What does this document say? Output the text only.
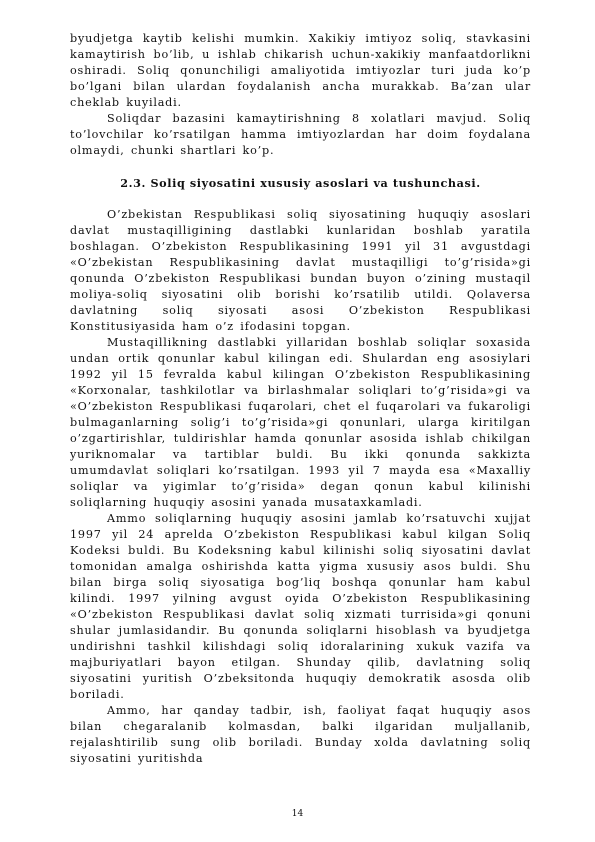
byudjetga kaytib kelishi mumkin. Xakikiy imtiyoz soliq, stavkasini kamaytirish bo’lib, u ishlab chikarish uchun-xakikiy manfaatdorlikni oshiradi. Soliq qonunchiligi amaliyotida imtiyozlar turi juda ko’p bo’lgani bilan ulardan foydalanish ancha murakkab. Ba’zan ular cheklab kuyiladi.

Soliqdar bazasini kamaytirishning 8 xolatlari mavjud. Soliq to’lovchilar ko’rsatilgan hamma imtiyozlardan har doim foydalana olmaydi, chunki shartlari ko’p.

2.3. Soliq siyosatini xususiy asoslari va tushunchasi.

O’zbekistan Respublikasi soliq siyosatining huquqiy asoslari davlat mustaqilligining dastlabki kunlaridan boshlab yaratila boshlagan. O’zbekiston Respublikasining 1991 yil 31 avgustdagi «O’zbekistan Respublikasining davlat mustaqilligi to’g’risida»gi qonunda O’zbekiston Respublikasi bundan buyon o’zining mustaqil moliya-soliq siyosatini olib borishi ko’rsatilib utildi. Qolaversa davlatning soliq siyosati asosi O’zbekiston Respublikasi Konstitusiyasida ham o’z ifodasini topgan.

Mustaqillikning dastlabki yillaridan boshlab soliqlar soxasida undan ortik qonunlar kabul kilingan edi. Shulardan eng asosiylari 1992 yil 15 fevralda kabul kilingan O’zbekiston Respublikasining «Korxonalar, tashkilotlar va birlashmalar soliqlari to’g’risida»gi va «O’zbekiston Respublikasi fuqarolari, chet el fuqarolari va fukaroligi bulmaganlarning solig’i to’g’risida»gi qonunlari, ularga kiritilgan o’zgartirishlar, tuldirishlar hamda qonunlar asosida ishlab chikilgan yuriknomalar va tartiblar buldi. Bu ikki qonunda sakkizta umumdavlat soliqlari ko’rsatilgan. 1993 yil 7 mayda esa «Maxalliy soliqlar va yigimlar to’g’risida» degan qonun kabul kilinishi soliqlarning huquqiy asosini yanada musataxkamladi.

Ammo soliqlarning huquqiy asosini jamlab ko’rsatuvchi xujjat 1997 yil 24 aprelda O’zbekiston Respublikasi kabul kilgan Soliq Kodeksi buldi. Bu Kodeksning kabul kilinishi soliq siyosatini davlat tomonidan amalga oshirishda katta yigma xususiy asos buldi. Shu bilan birga soliq siyosatiga bog’liq boshqa qonunlar ham kabul kilindi. 1997 yilning avgust oyida O’zbekiston Respublikasining «O’zbekiston Respublikasi davlat soliq xizmati turrisida»gi qonuni shular jumlasidandir. Bu qonunda soliqlarni hisoblash va byudjetga undirishni tashkil kilishdagi soliq idoralarining xukuk vazifa va majburiyatlari bayon etilgan. Shunday qilib, davlatning soliq siyosatini yuritish O’zbeksitonda huquqiy demokratik asosda olib boriladi.

Ammo, har qanday tadbir, ish, faoliyat faqat huquqiy asos bilan chegaralanib kolmasdan, balki ilgaridan muljallanib, rejalashtirilib sung olib boriladi. Bunday xolda davlatning soliq siyosatini yuritishda

14
